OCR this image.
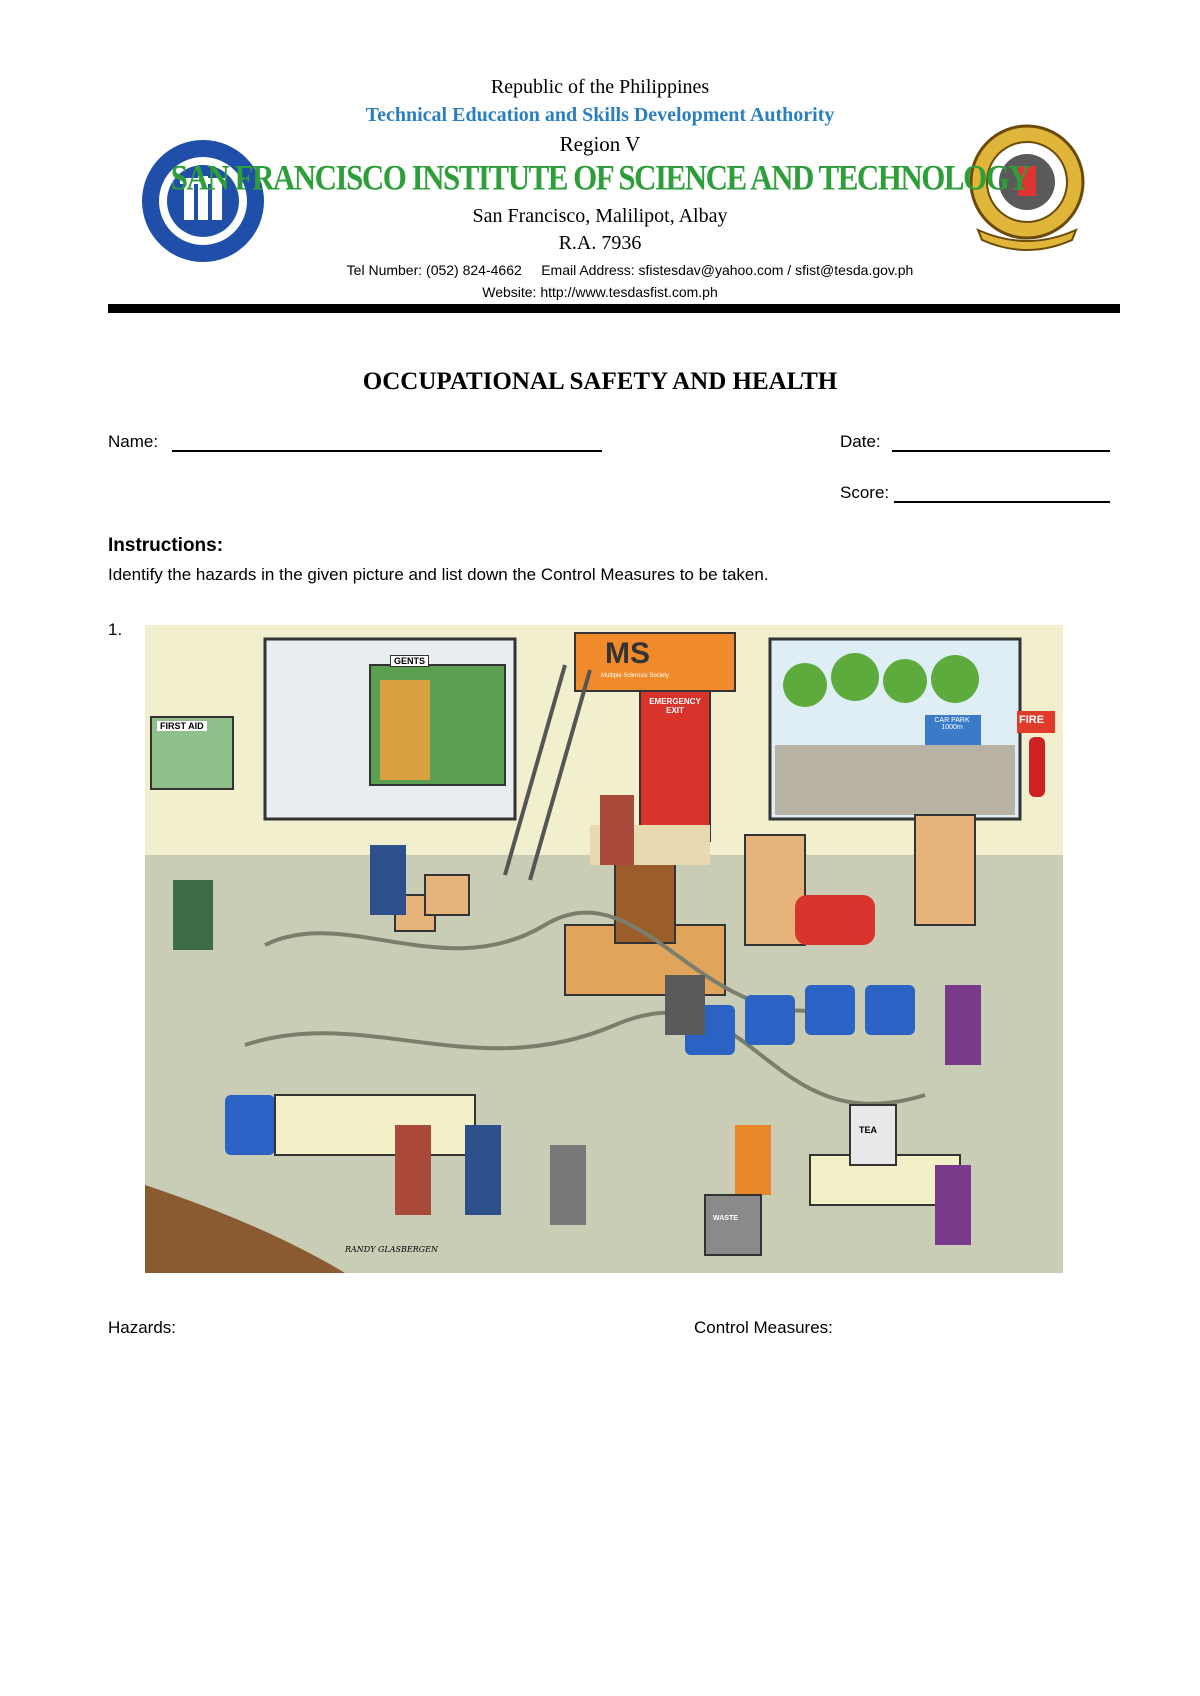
Republic of the Philippines
Technical Education and Skills Development Authority
Region V
SAN FRANCISCO INSTITUTE OF SCIENCE AND TECHNOLOGY
San Francisco, Malilipot, Albay
R.A. 7936
Tel Number: (052) 824-4662     Email Address: sfistesdav@yahoo.com / sfist@tesda.gov.ph
Website: http://www.tesdasfist.com.ph
OCCUPATIONAL SAFETY AND HEALTH
Name:	Date:
Score:
Instructions:
Identify the hazards in the given picture and list down the Control Measures to be taken.
1.
GENTS
FIRST AID
MS
Multiple Sclerosis Society
EMERGENCY EXIT
FIRE
CAR PARK 1000m
TEA
WASTE
RANDY GLASBERGEN
Hazards:	Control Measures:
